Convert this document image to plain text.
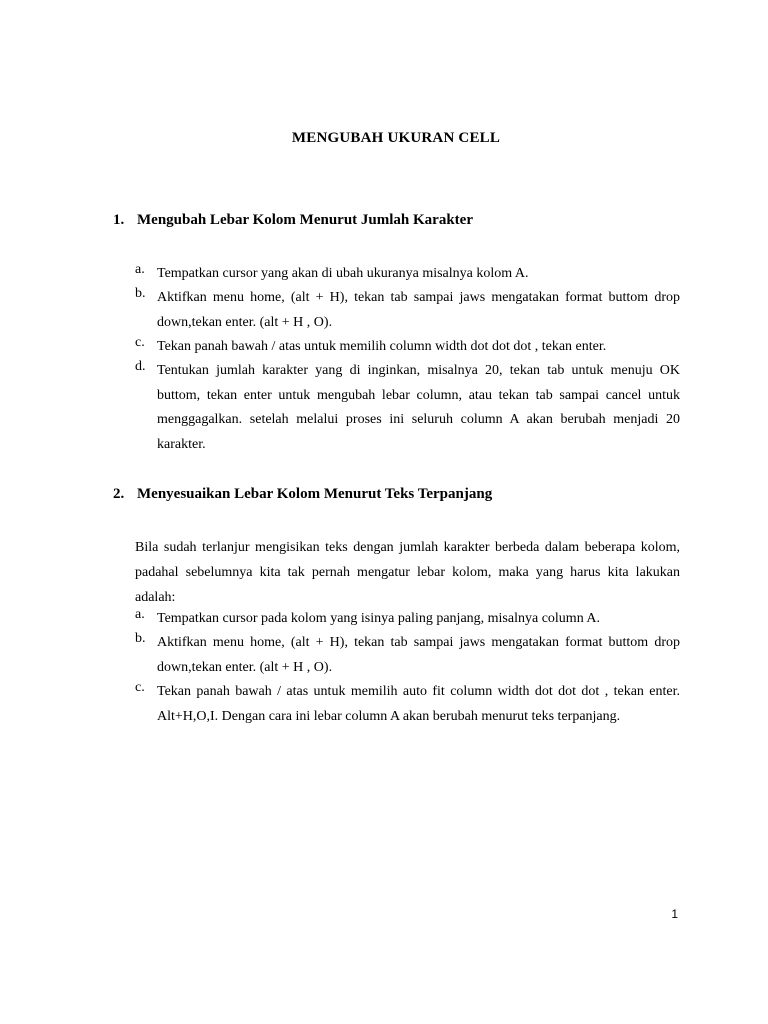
MENGUBAH UKURAN CELL
1. Mengubah Lebar Kolom Menurut Jumlah Karakter
a. Tempatkan cursor yang akan di ubah ukuranya misalnya kolom A.
b. Aktifkan menu home, (alt + H), tekan tab sampai jaws mengatakan format buttom drop down,tekan enter. (alt + H , O).
c. Tekan panah bawah / atas untuk memilih column width dot dot dot , tekan enter.
d. Tentukan jumlah karakter yang di inginkan, misalnya 20, tekan tab untuk menuju OK buttom, tekan enter untuk mengubah lebar column, atau tekan tab sampai cancel untuk menggagalkan. setelah melalui proses ini seluruh column A akan berubah menjadi 20 karakter.
2. Menyesuaikan Lebar Kolom Menurut Teks Terpanjang
Bila sudah terlanjur mengisikan teks dengan jumlah karakter berbeda dalam beberapa kolom, padahal sebelumnya kita tak pernah mengatur lebar kolom, maka yang harus kita lakukan adalah:
a. Tempatkan cursor pada kolom yang isinya paling panjang, misalnya column A.
b. Aktifkan menu home, (alt + H), tekan tab sampai jaws mengatakan format buttom drop down,tekan enter. (alt + H , O).
c. Tekan panah bawah / atas untuk memilih auto fit column width dot dot dot , tekan enter. Alt+H,O,I. Dengan cara ini lebar column A akan berubah menurut teks terpanjang.
1
